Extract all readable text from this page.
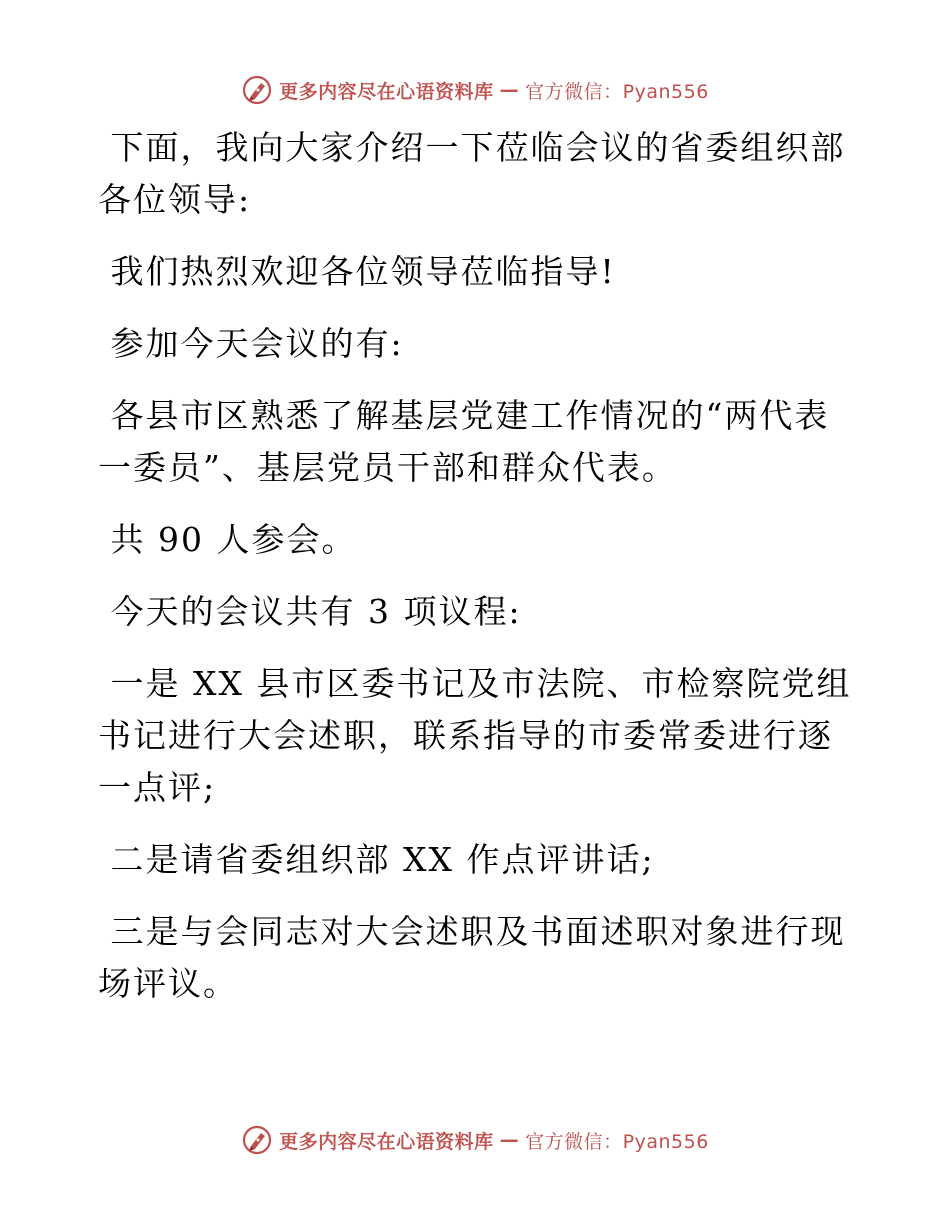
更多内容尽在心语资料库 — 官方微信：Pyan556

下面，我向大家介绍一下莅临会议的省委组织部各位领导:

我们热烈欢迎各位领导莅临指导!

参加今天会议的有:

各县市区熟悉了解基层党建工作情况的“两代表一委员”、基层党员干部和群众代表。

共 90 人参会。

今天的会议共有 3 项议程:

一是 XX 县市区委书记及市法院、市检察院党组书记进行大会述职，联系指导的市委常委进行逐一点评;

二是请省委组织部 XX 作点评讲话;

三是与会同志对大会述职及书面述职对象进行现场评议。

更多内容尽在心语资料库 — 官方微信：Pyan556
